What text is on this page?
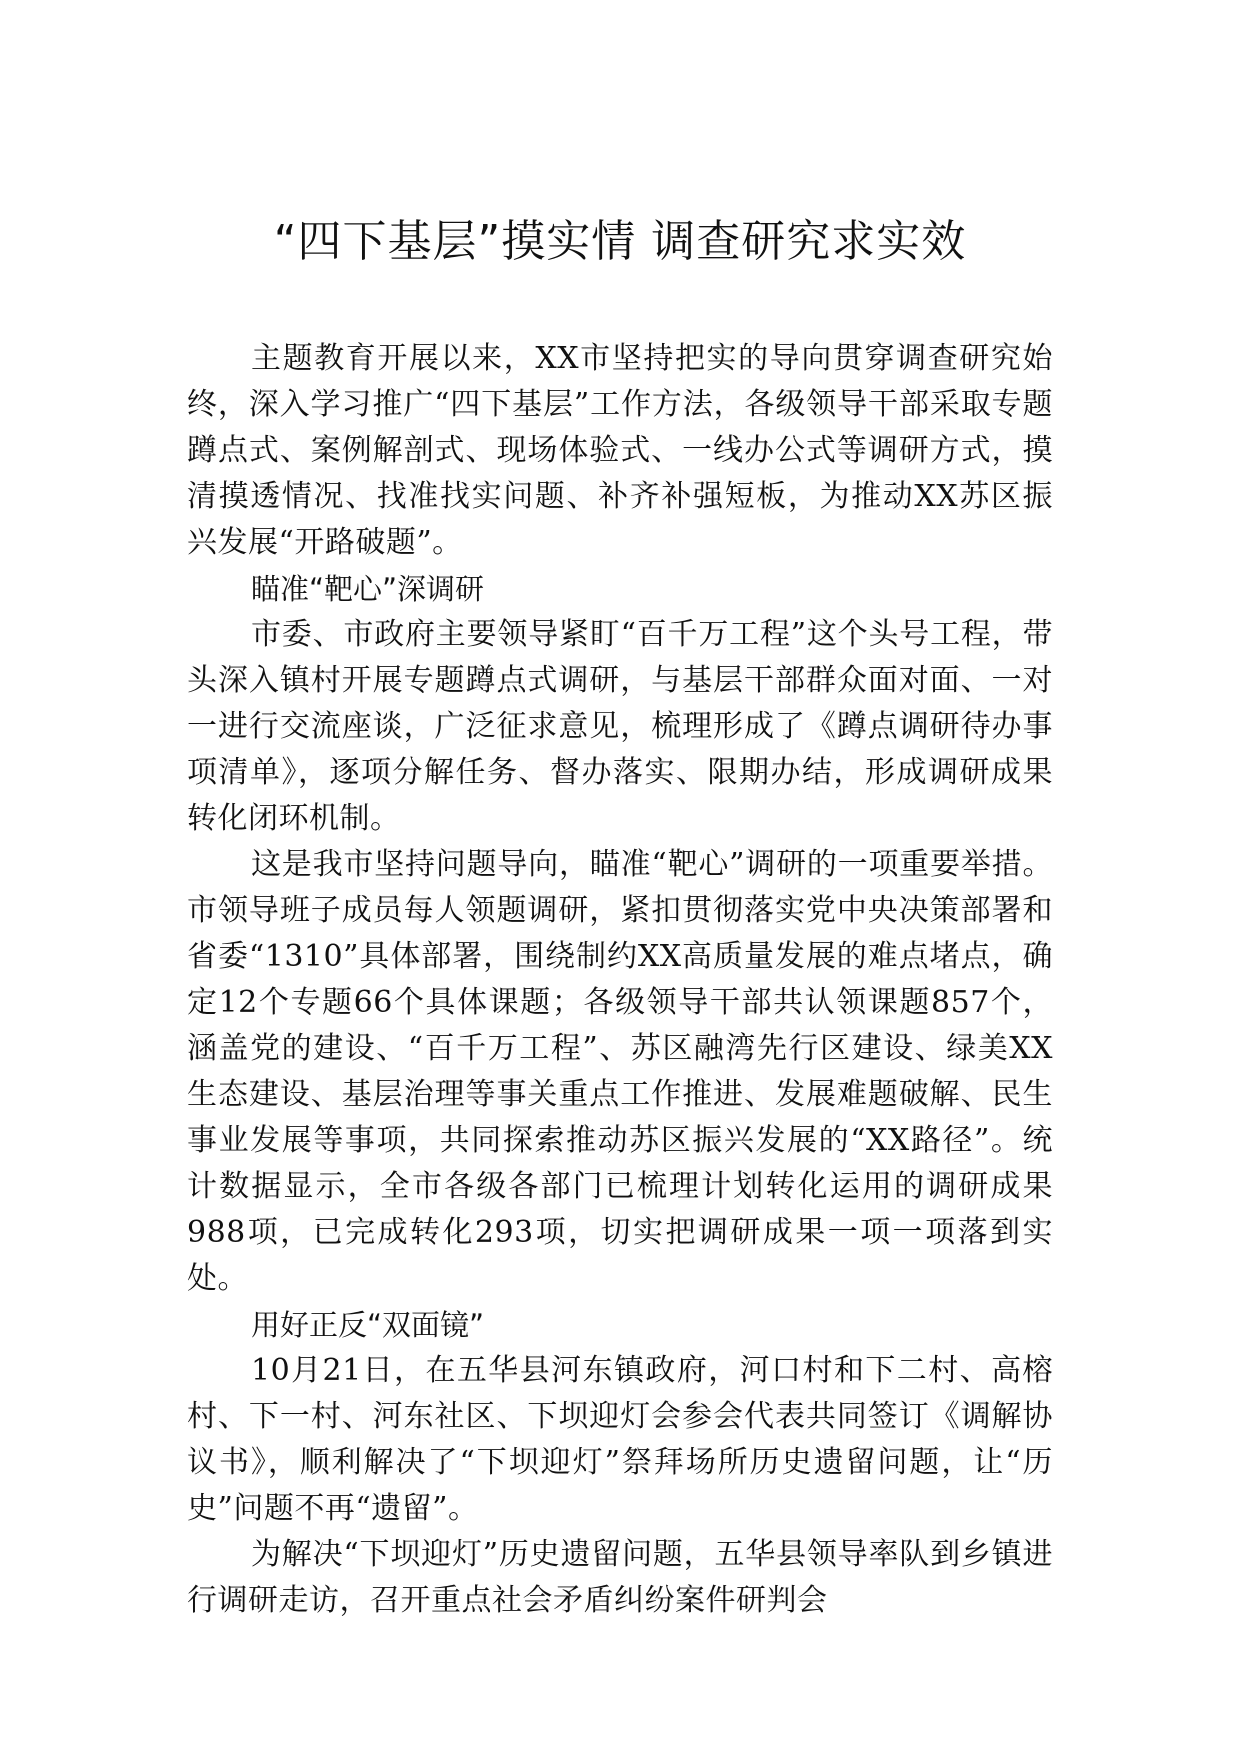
“四下基层”摸实情 调查研究求实效

主题教育开展以来，XX市坚持把实的导向贯穿调查研究始终，深入学习推广“四下基层”工作方法，各级领导干部采取专题蹲点式、案例解剖式、现场体验式、一线办公式等调研方式，摸清摸透情况、找准找实问题、补齐补强短板，为推动XX苏区振兴发展“开路破题”。

瞄准“靶心”深调研

市委、市政府主要领导紧盯“百千万工程”这个头号工程，带头深入镇村开展专题蹲点式调研，与基层干部群众面对面、一对一进行交流座谈，广泛征求意见，梳理形成了《蹲点调研待办事项清单》，逐项分解任务、督办落实、限期办结，形成调研成果转化闭环机制。

这是我市坚持问题导向，瞄准“靶心”调研的一项重要举措。市领导班子成员每人领题调研，紧扣贯彻落实党中央决策部署和省委“1310”具体部署，围绕制约XX高质量发展的难点堵点，确定12个专题66个具体课题；各级领导干部共认领课题857个，涵盖党的建设、“百千万工程”、苏区融湾先行区建设、绿美XX生态建设、基层治理等事关重点工作推进、发展难题破解、民生事业发展等事项，共同探索推动苏区振兴发展的“XX路径”。统计数据显示，全市各级各部门已梳理计划转化运用的调研成果988项，已完成转化293项，切实把调研成果一项一项落到实处。

用好正反“双面镜”

10月21日，在五华县河东镇政府，河口村和下二村、高榕村、下一村、河东社区、下坝迎灯会参会代表共同签订《调解协议书》，顺利解决了“下坝迎灯”祭拜场所历史遗留问题，让“历史”问题不再“遗留”。

为解决“下坝迎灯”历史遗留问题，五华县领导率队到乡镇进行调研走访，召开重点社会矛盾纠纷案件研判会
